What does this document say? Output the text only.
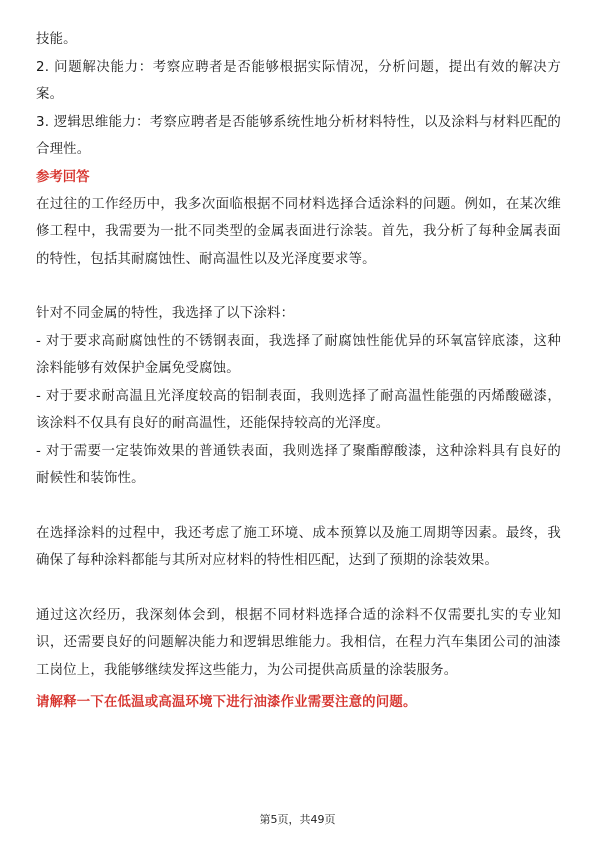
技能。

2. 问题解决能力：考察应聘者是否能够根据实际情况，分析问题，提出有效的解决方案。

3. 逻辑思维能力：考察应聘者是否能够系统性地分析材料特性，以及涂料与材料匹配的合理性。

参考回答

在过往的工作经历中，我多次面临根据不同材料选择合适涂料的问题。例如，在某次维修工程中，我需要为一批不同类型的金属表面进行涂装。首先，我分析了每种金属表面的特性，包括其耐腐蚀性、耐高温性以及光泽度要求等。

针对不同金属的特性，我选择了以下涂料：

- 对于要求高耐腐蚀性的不锈钢表面，我选择了耐腐蚀性能优异的环氧富锌底漆，这种涂料能够有效保护金属免受腐蚀。

- 对于要求耐高温且光泽度较高的铝制表面，我则选择了耐高温性能强的丙烯酸磁漆，该涂料不仅具有良好的耐高温性，还能保持较高的光泽度。

- 对于需要一定装饰效果的普通铁表面，我则选择了聚酯醇酸漆，这种涂料具有良好的耐候性和装饰性。

在选择涂料的过程中，我还考虑了施工环境、成本预算以及施工周期等因素。最终，我确保了每种涂料都能与其所对应材料的特性相匹配，达到了预期的涂装效果。

通过这次经历，我深刻体会到，根据不同材料选择合适的涂料不仅需要扎实的专业知识，还需要良好的问题解决能力和逻辑思维能力。我相信，在程力汽车集团公司的油漆工岗位上，我能够继续发挥这些能力，为公司提供高质量的涂装服务。

请解释一下在低温或高温环境下进行油漆作业需要注意的问题。

第5页，共49页
